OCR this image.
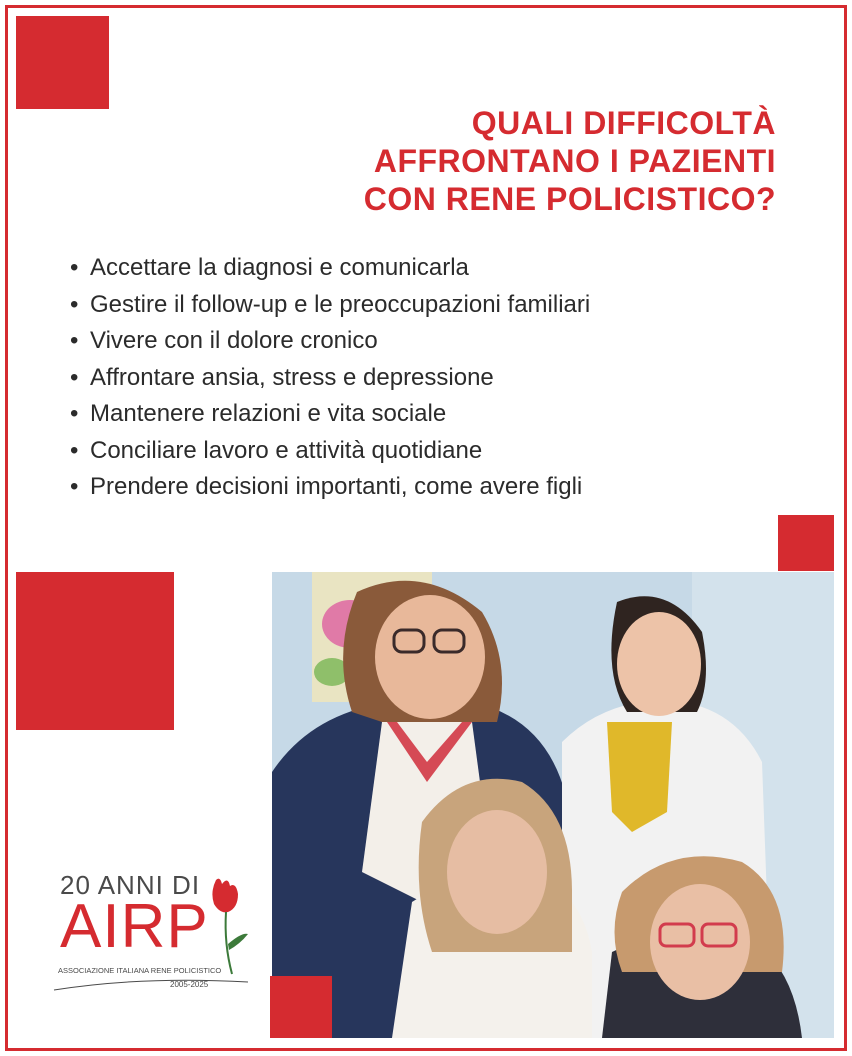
QUALI DIFFICOLTÀ
AFFRONTANO I PAZIENTI
CON RENE POLICISTICO?
• Accettare la diagnosi e comunicarla
• Gestire il follow-up e le preoccupazioni familiari
• Vivere con il dolore cronico
• Affrontare ansia, stress e depressione
• Mantenere relazioni e vita sociale
• Conciliare lavoro e attività quotidiane
• Prendere decisioni importanti, come avere figli
20 ANNI DI
AIRP
ASSOCIAZIONE ITALIANA RENE POLICISTICO
2005-2025
